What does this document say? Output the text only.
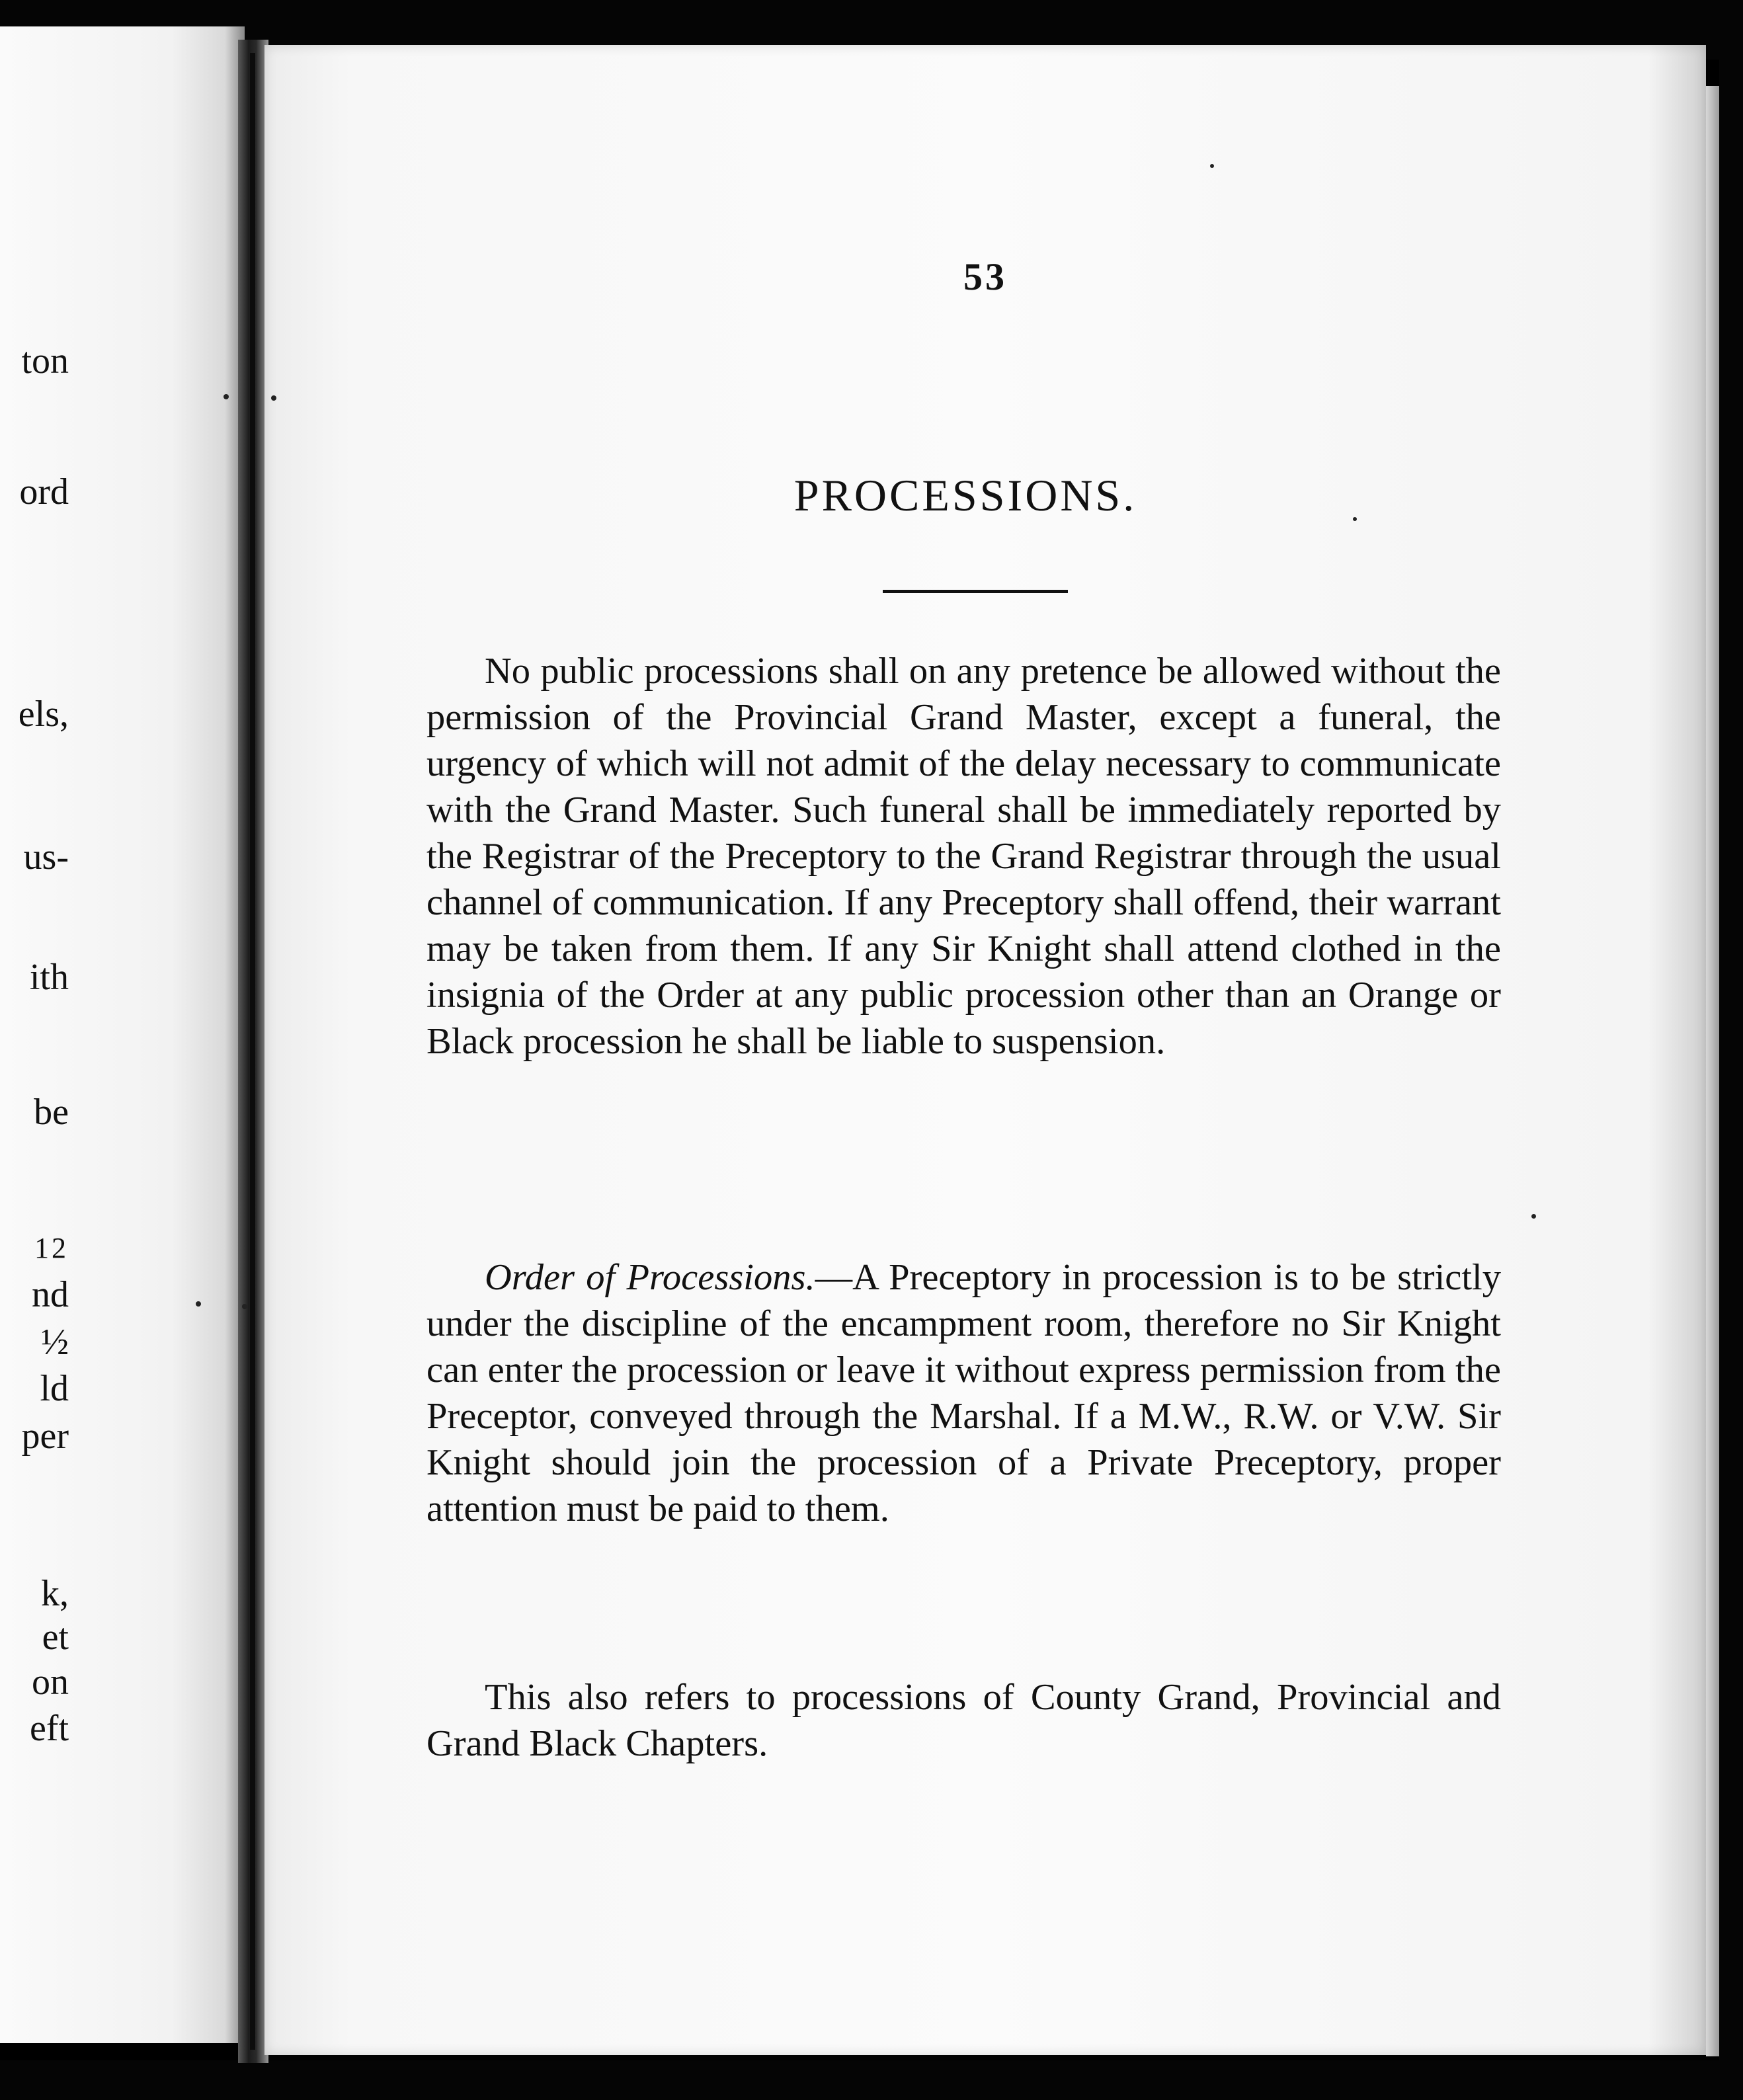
ton
ord
els,
us-
ith
be
12
nd
½
ld
per
k,
et
on
eft
53
PROCESSIONS.

No public processions shall on any pretence be allowed without the permission of the Provincial Grand Master, except a funeral, the urgency of which will not admit of the delay necessary to communicate with the Grand Master. Such funeral shall be immediately reported by the Registrar of the Preceptory to the Grand Registrar through the usual channel of communication. If any Preceptory shall offend, their warrant may be taken from them. If any Sir Knight shall attend clothed in the insignia of the Order at any public procession other than an Orange or Black procession he shall be liable to suspension.

Order of Processions.—A Preceptory in procession is to be strictly under the discipline of the encampment room, therefore no Sir Knight can enter the procession or leave it without express permission from the Preceptor, conveyed through the Marshal. If a M.W., R.W. or V.W. Sir Knight should join the procession of a Private Preceptory, proper attention must be paid to them.

This also refers to processions of County Grand, Provincial and Grand Black Chapters.
